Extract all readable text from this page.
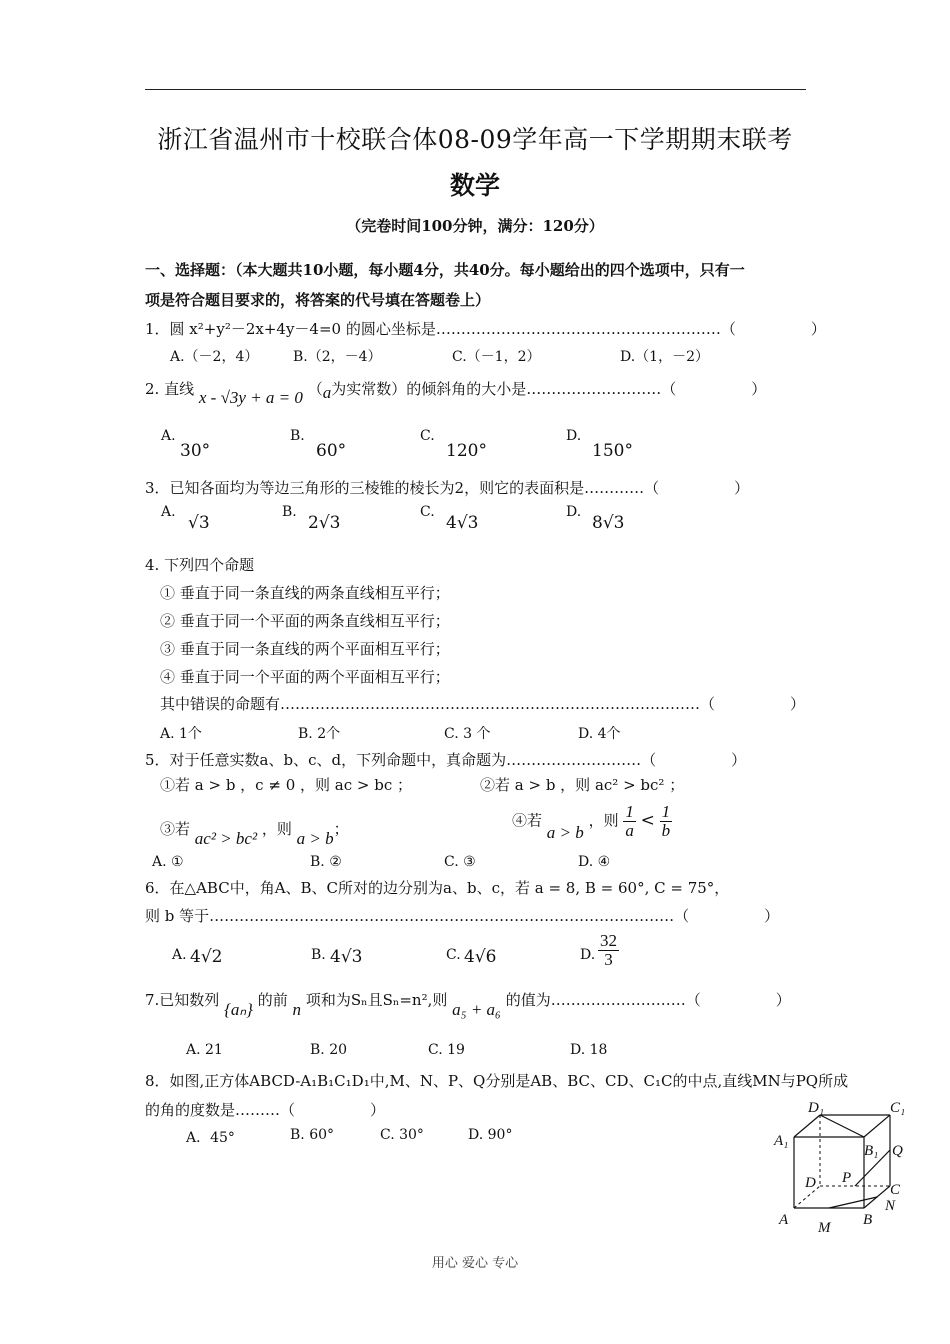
浙江省温州市十校联合体08-09学年高一下学期期末联考
数学
（完卷时间100分钟，满分：120分）
一、选择题：（本大题共10小题，每小题4分，共40分。每小题给出的四个选项中，只有一
项是符合题目要求的，将答案的代号填在答题卷上）
1．圆 x²+y²－2x+4y－4=0 的圆心坐标是…………………………………………………（　　　　　）
A.（－2，4） B.（2，－4）	C.（－1，2）	D.（1，－2）
2. 直线 x - √3y + a = 0 （a为实常数）的倾斜角的大小是………………………（　　　　　）
A.
30°
B.
60°
C.
120°
D.
150°
3．已知各面均为等边三角形的三棱锥的棱长为2，则它的表面积是…………（　　　　　）
A.
√3
B.
2√3
C.
4√3
D.
8√3
4. 下列四个命题
① 垂直于同一条直线的两条直线相互平行；
② 垂直于同一个平面的两条直线相互平行；
③ 垂直于同一条直线的两个平面相互平行；
④ 垂直于同一个平面的两个平面相互平行；
其中错误的命题有…………………………………………………………………………（　　　　　）
A. 1个	B. 2个	C. 3 个	D. 4个
5．对于任意实数a、b、c、d，下列命题中，真命题为………………………（　　　　　）
①若 a > b ，c ≠ 0 ，则 ac > bc ；	②若 a > b ，则 ac² > bc² ；
③若 ac² > bc² ，则 a > b；	④若 a > b ，则 $\frac{1}{a} < \frac{1}{b}$
A. ①	B. ②	C. ③	D. ④
6．在△ABC中，角A、B、C所对的边分别为a、b、c，若 a = 8, B = 60°, C = 75°，
则 b 等于…………………………………………………………………………………（　　　　　）
A. 4√2	B. 4√3	C. 4√6	D. $\frac{32}{3}$
7.已知数列 {aₙ} 的前 n 项和为Sₙ且Sₙ=n²,则 a₅ + a₆ 的值为………………………（　　　　　）
A. 21	B. 20	C. 19	D. 18
8．如图,正方体ABCD-A₁B₁C₁D₁中,M、N、P、Q分别是AB、BC、CD、C₁C的中点,直线MN与PQ所成
的角的度数是………（　　　　　）
A．45°	B. 60°	C. 30°	D. 90°
D₁	C₁
A₁
B₁ Q
P
D	C
A	B
N
M
用心 爱心 专心
